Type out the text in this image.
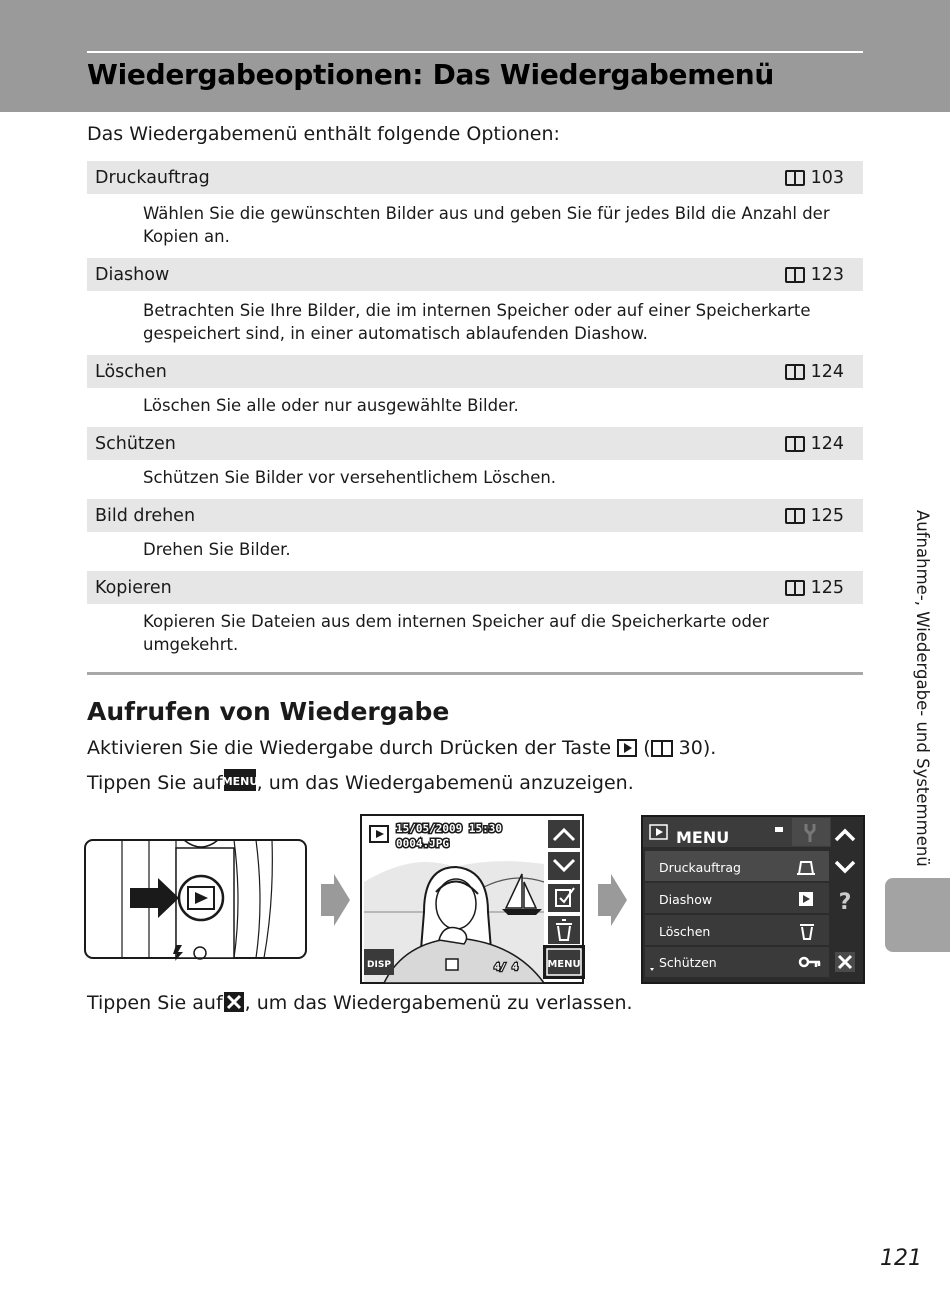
Wiedergabeoptionen: Das Wiedergabemenü
Das Wiedergabemenü enthält folgende Optionen:
Druckauftrag	103
Wählen Sie die gewünschten Bilder aus und geben Sie für jedes Bild die Anzahl der Kopien an.
Diashow	123
Betrachten Sie Ihre Bilder, die im internen Speicher oder auf einer Speicherkarte gespeichert sind, in einer automatisch ablaufenden Diashow.
Löschen	124
Löschen Sie alle oder nur ausgewählte Bilder.
Schützen	124
Schützen Sie Bilder vor versehentlichem Löschen.
Bild drehen	125
Drehen Sie Bilder.
Kopieren	125
Kopieren Sie Dateien aus dem internen Speicher auf die Speicherkarte oder umgekehrt.
Aufrufen von Wiedergabe
Aktivieren Sie die Wiedergabe durch Drücken der Taste ( 30).
Tippen Sie auf
MENU
, um das Wiedergabemenü anzuzeigen.
15/05/2009 15:30
0004.JPG
MENU
DISP	4/ 4
MENU
Druckauftrag
Diashow
Löschen
Schützen
?
Tippen Sie auf , um das Wiedergabemenü zu verlassen.
Aufnahme-, Wiedergabe- und Systemmenü
121
